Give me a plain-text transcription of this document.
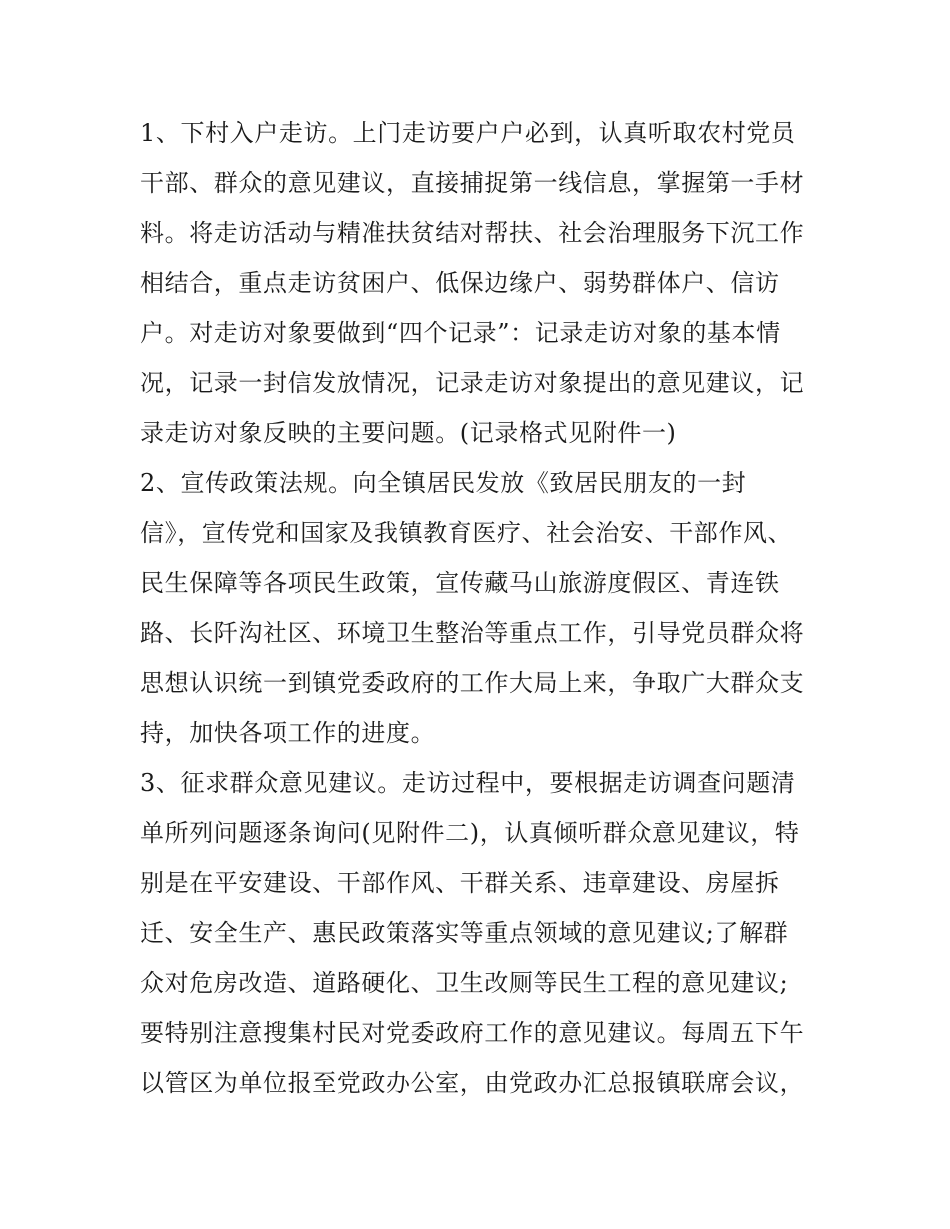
1、下村入户走访。上门走访要户户必到，认真听取农村党员
干部、群众的意见建议，直接捕捉第一线信息，掌握第一手材
料。将走访活动与精准扶贫结对帮扶、社会治理服务下沉工作
相结合，重点走访贫困户、低保边缘户、弱势群体户、信访
户。对走访对象要做到“四个记录”：记录走访对象的基本情
况，记录一封信发放情况，记录走访对象提出的意见建议，记
录走访对象反映的主要问题。(记录格式见附件一)
2、宣传政策法规。向全镇居民发放《致居民朋友的一封
信》，宣传党和国家及我镇教育医疗、社会治安、干部作风、
民生保障等各项民生政策，宣传藏马山旅游度假区、青连铁
路、长阡沟社区、环境卫生整治等重点工作，引导党员群众将
思想认识统一到镇党委政府的工作大局上来，争取广大群众支
持，加快各项工作的进度。
3、征求群众意见建议。走访过程中，要根据走访调查问题清
单所列问题逐条询问(见附件二)，认真倾听群众意见建议，特
别是在平安建设、干部作风、干群关系、违章建设、房屋拆
迁、安全生产、惠民政策落实等重点领域的意见建议;了解群
众对危房改造、道路硬化、卫生改厕等民生工程的意见建议;
要特别注意搜集村民对党委政府工作的意见建议。每周五下午
以管区为单位报至党政办公室，由党政办汇总报镇联席会议，
